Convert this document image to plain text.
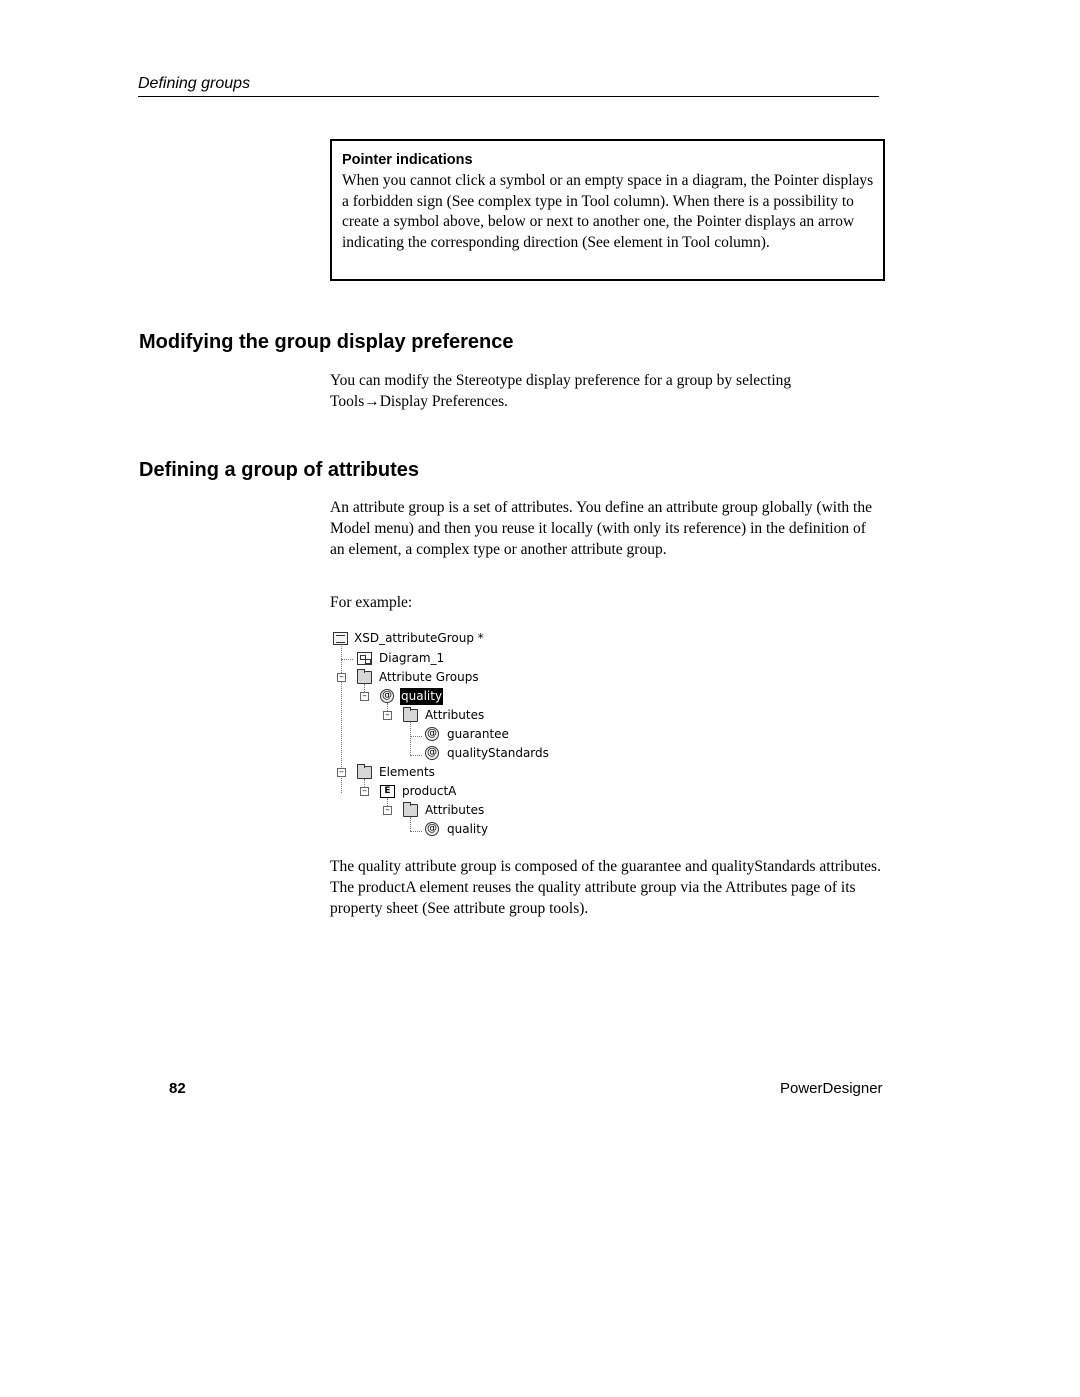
Defining groups
Pointer indications

When you cannot click a symbol or an empty space in a diagram, the Pointer displays a forbidden sign (See complex type in Tool column). When there is a possibility to create a symbol above, below or next to another one, the Pointer displays an arrow indicating the corresponding direction (See element in Tool column).

Modifying the group display preference

You can modify the Stereotype display preference for a group by selecting Tools→Display Preferences.

Defining a group of attributes

An attribute group is a set of attributes. You define an attribute group globally (with the Model menu) and then you reuse it locally (with only its reference) in the definition of an element, a complex type or another attribute group.

For example:

XSD_attributeGroup *
Diagram_1
–	Attribute Groups
– @ quality
–	Attributes
@ guarantee
@ qualityStandards
–	Elements
–	E productA
–	Attributes
@ quality

The quality attribute group is composed of the guarantee and qualityStandards attributes. The productA element reuses the quality attribute group via the Attributes page of its property sheet (See attribute group tools).

82	PowerDesigner
